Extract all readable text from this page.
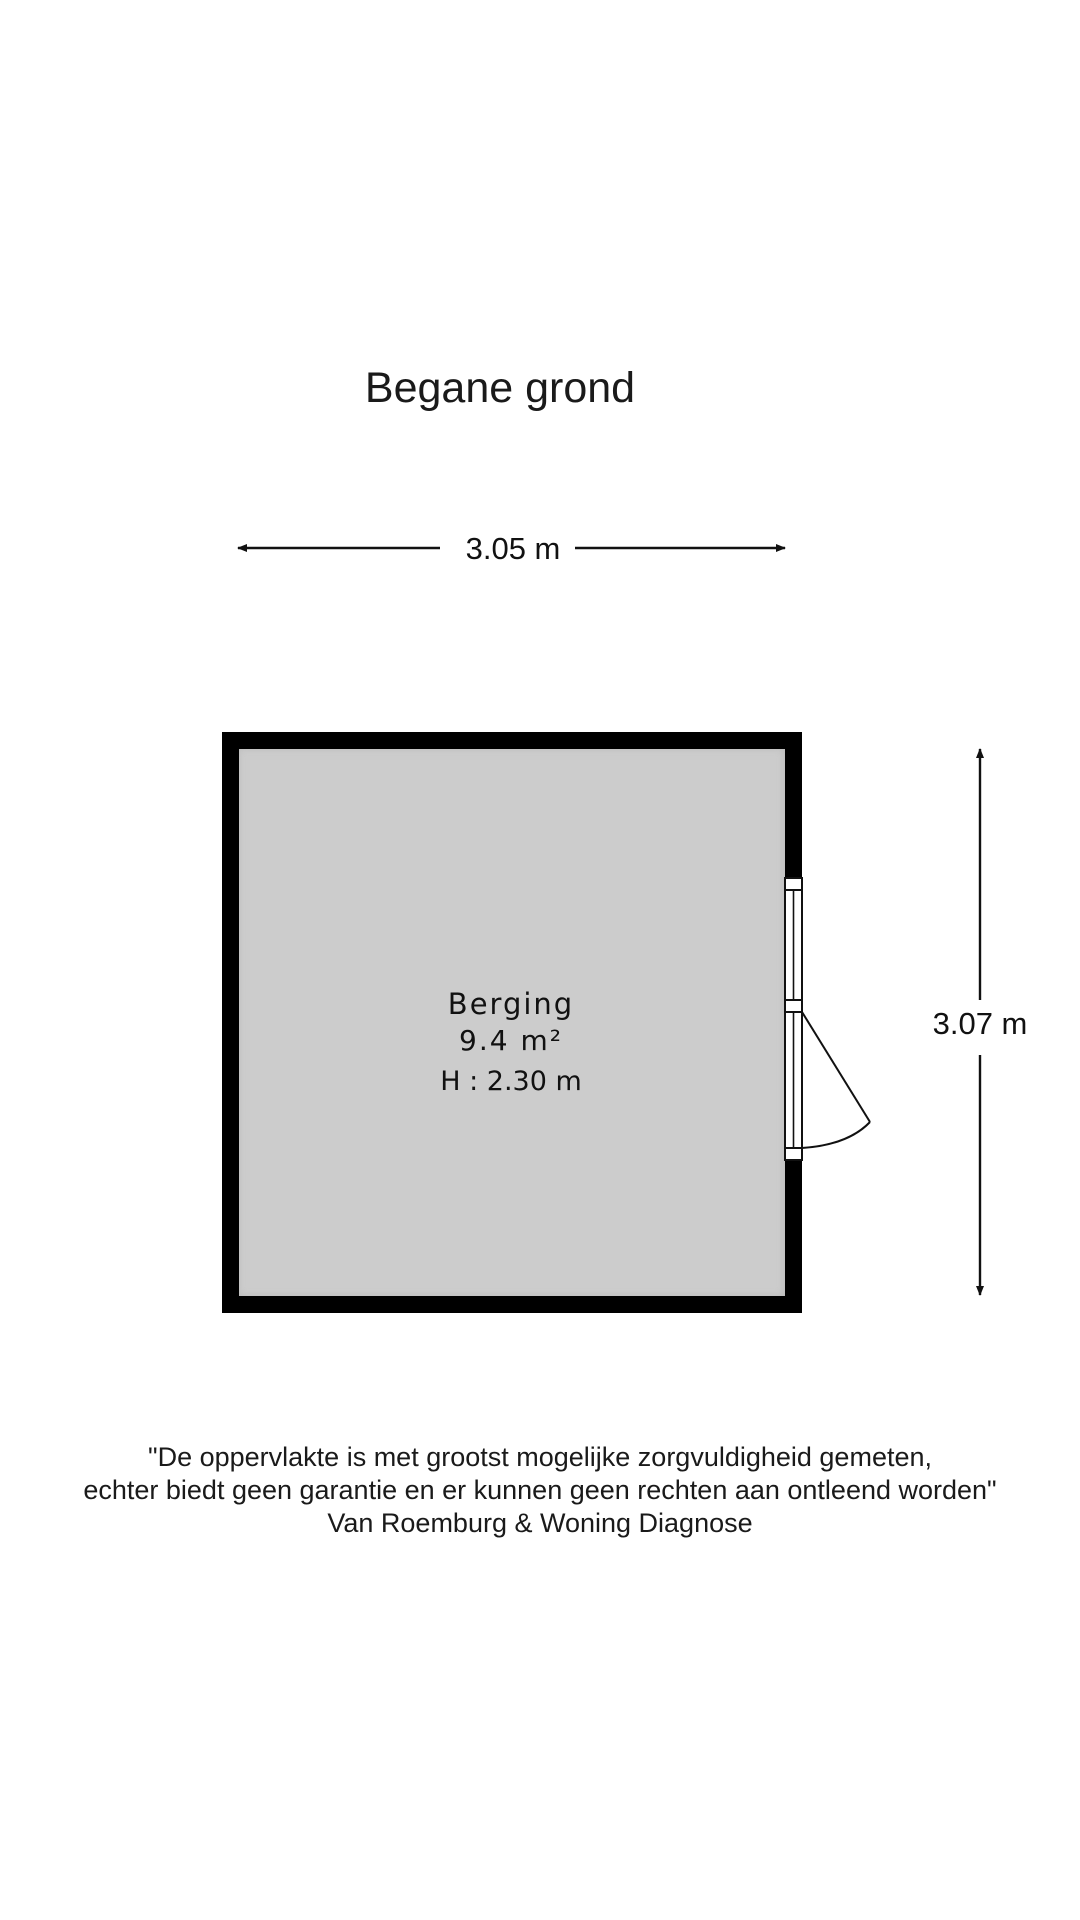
Begane grond
3.05 m
3.07 m
Berging
9.4 m²
H : 2.30 m
"De oppervlakte is met grootst mogelijke zorgvuldigheid gemeten,
echter biedt geen garantie en er kunnen geen rechten aan ontleend worden"
Van Roemburg & Woning Diagnose
